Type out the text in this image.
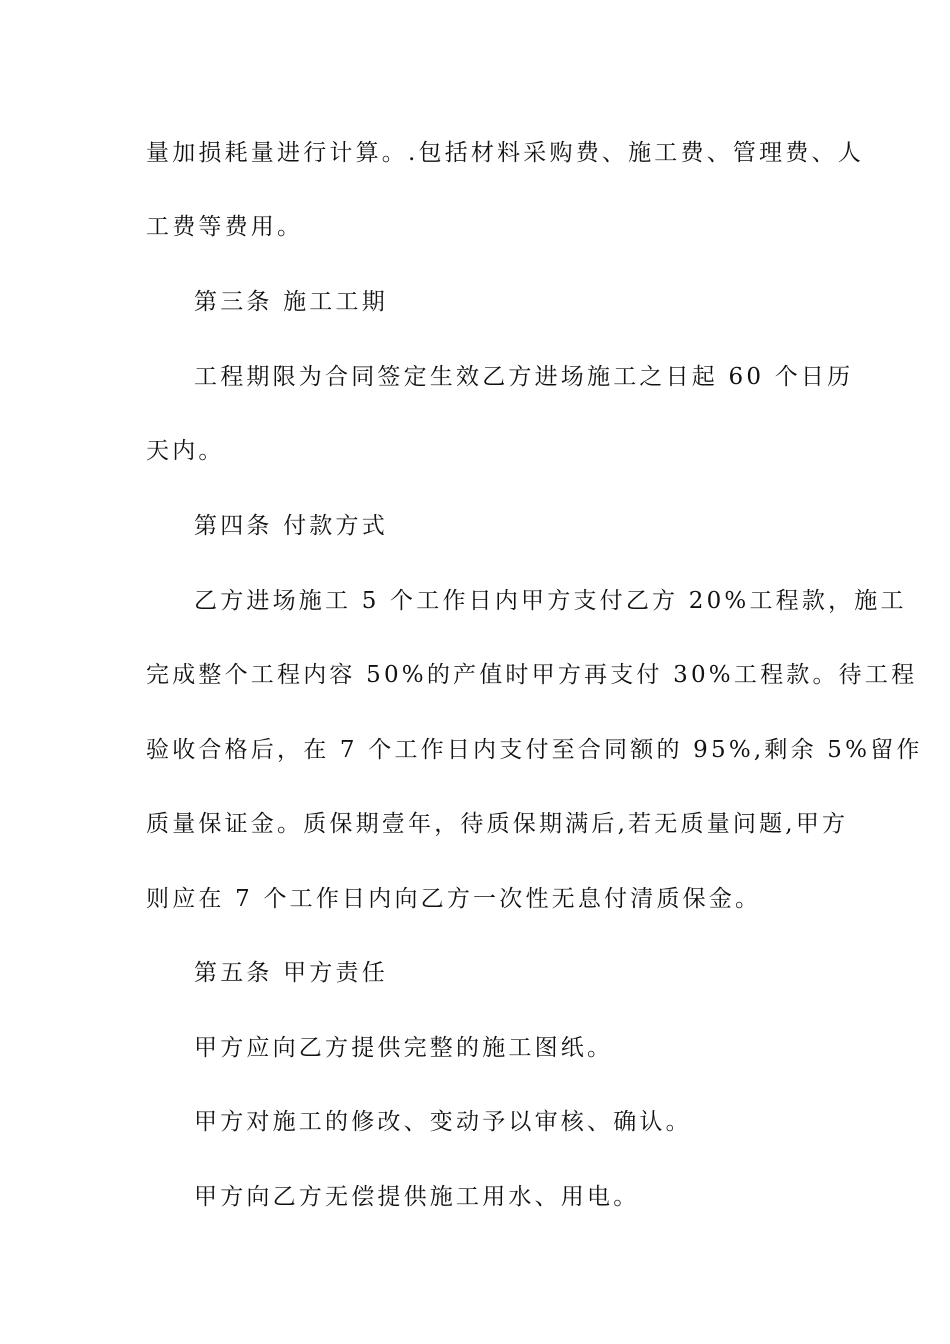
量加损耗量进行计算。.包括材料采购费、施工费、管理费、人
工费等费用。
第三条 施工工期
工程期限为合同签定生效乙方进场施工之日起 60 个日历
天内。
第四条 付款方式
乙方进场施工 5 个工作日内甲方支付乙方 20%工程款，施工
完成整个工程内容 50%的产值时甲方再支付 30%工程款。待工程
验收合格后，在 7 个工作日内支付至合同额的 95%,剩余 5%留作
质量保证金。质保期壹年，待质保期满后,若无质量问题,甲方
则应在 7 个工作日内向乙方一次性无息付清质保金。
第五条 甲方责任
甲方应向乙方提供完整的施工图纸。
甲方对施工的修改、变动予以审核、确认。
甲方向乙方无偿提供施工用水、用电。
